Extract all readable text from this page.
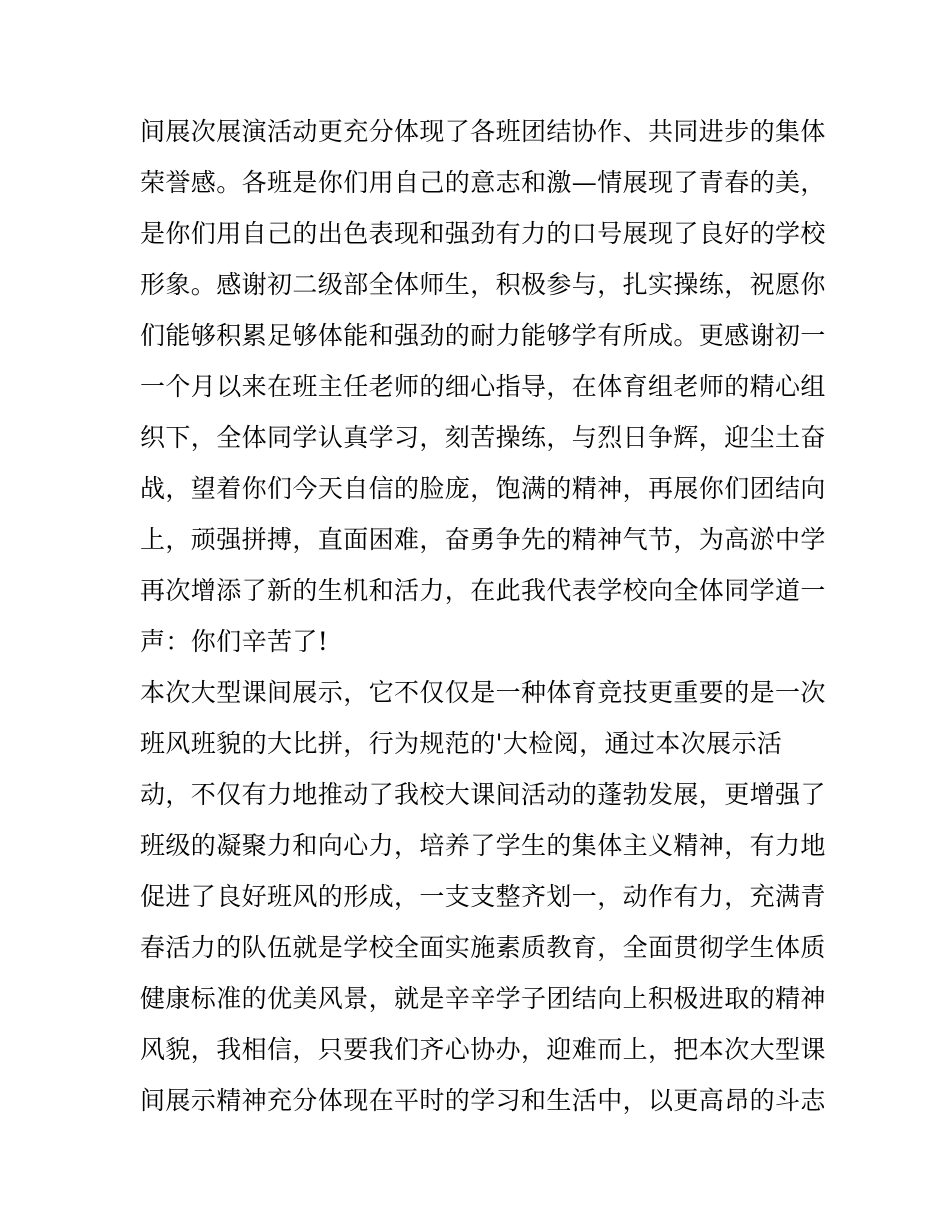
间展次展演活动更充分体现了各班团结协作、共同进步的集体
荣誉感。各班是你们用自己的意志和激—情展现了青春的美，
是你们用自己的出色表现和强劲有力的口号展现了良好的学校
形象。感谢初二级部全体师生，积极参与，扎实操练，祝愿你
们能够积累足够体能和强劲的耐力能够学有所成。更感谢初一
一个月以来在班主任老师的细心指导，在体育组老师的精心组
织下，全体同学认真学习，刻苦操练，与烈日争辉，迎尘土奋
战，望着你们今天自信的脸庞，饱满的精神，再展你们团结向
上，顽强拼搏，直面困难，奋勇争先的精神气节，为高淤中学
再次增添了新的生机和活力，在此我代表学校向全体同学道一
声：你们辛苦了!
本次大型课间展示，它不仅仅是一种体育竞技更重要的是一次
班风班貌的大比拼，行为规范的'大检阅，通过本次展示活
动，不仅有力地推动了我校大课间活动的蓬勃发展，更增强了
班级的凝聚力和向心力，培养了学生的集体主义精神，有力地
促进了良好班风的形成，一支支整齐划一，动作有力，充满青
春活力的队伍就是学校全面实施素质教育，全面贯彻学生体质
健康标准的优美风景，就是辛辛学子团结向上积极进取的精神
风貌，我相信，只要我们齐心协办，迎难而上，把本次大型课
间展示精神充分体现在平时的学习和生活中，以更高昂的斗志
